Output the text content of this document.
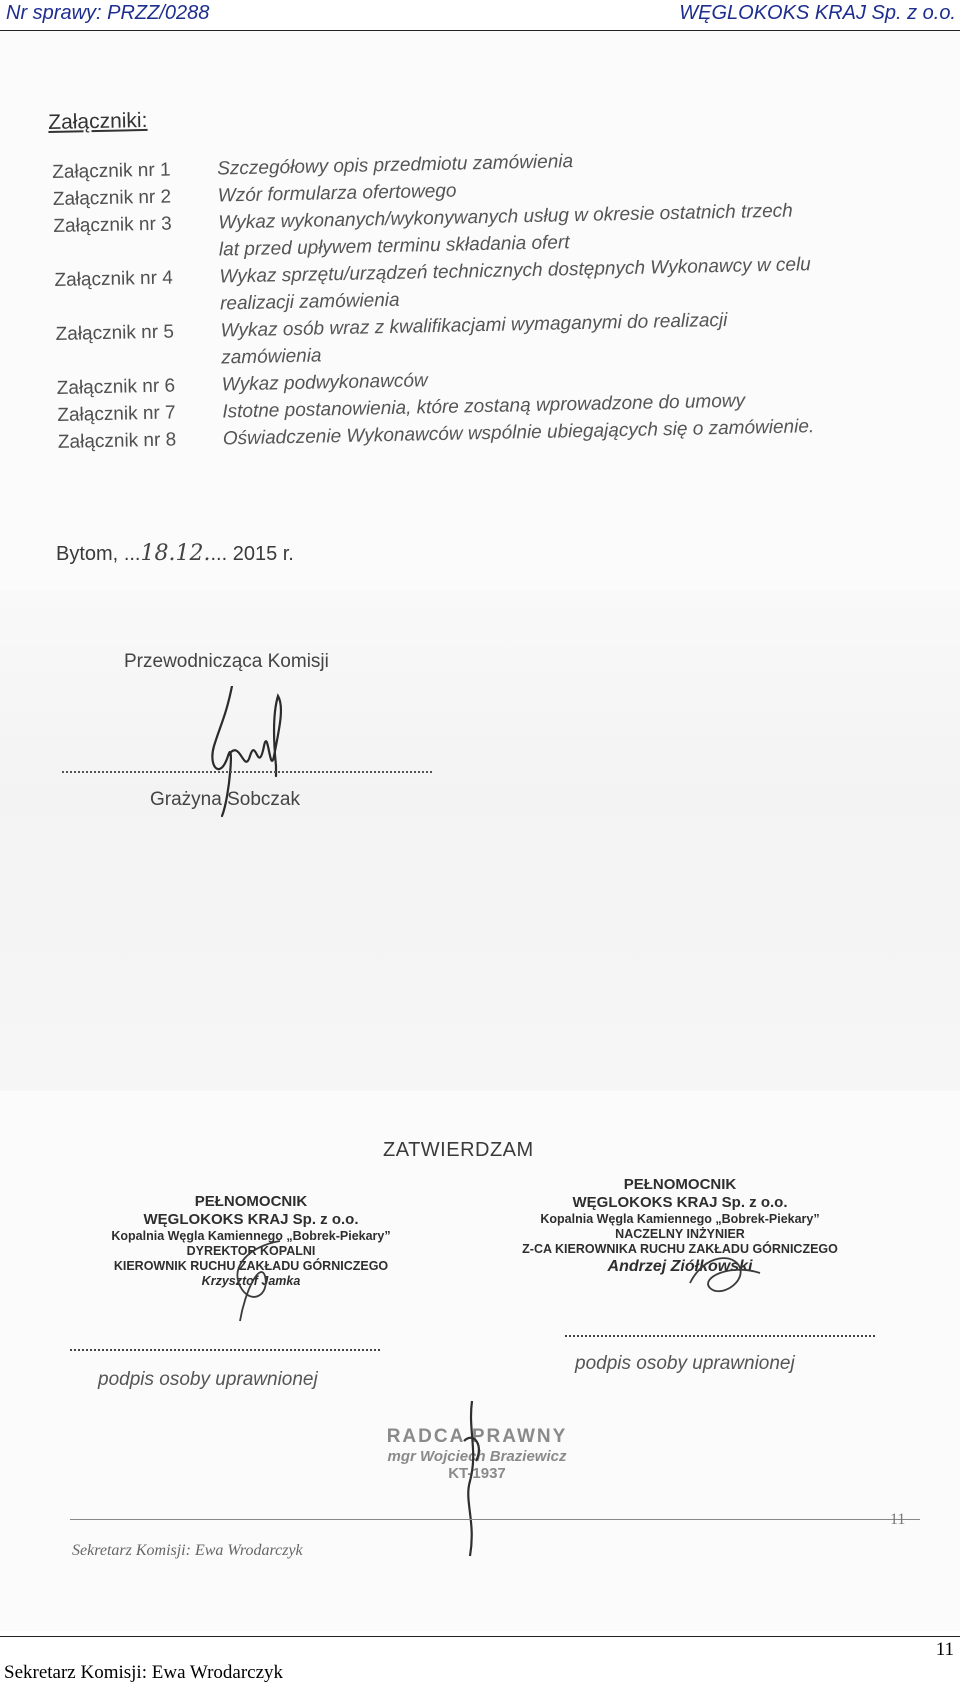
Nr sprawy: PRZZ/0288	WĘGLOKOKS KRAJ Sp. z o.o.
Załączniki:
Załącznik nr 1	Szczegółowy opis przedmiotu zamówienia
Załącznik nr 2	Wzór formularza ofertowego
Załącznik nr 3	Wykaz wykonanych/wykonywanych usług w okresie ostatnich trzech
lat przed upływem terminu składania ofert
Załącznik nr 4	Wykaz sprzętu/urządzeń technicznych dostępnych Wykonawcy w celu
realizacji zamówienia
Załącznik nr 5	Wykaz osób wraz z kwalifikacjami wymaganymi do realizacji
zamówienia
Załącznik nr 6	Wykaz podwykonawców
Załącznik nr 7	Istotne postanowienia, które zostaną wprowadzone do umowy
Załącznik nr 8	Oświadczenie Wykonawców wspólnie ubiegających się o zamówienie.
Bytom, ...18.12.... 2015 r.
Przewodnicząca Komisji
Grażyna Sobczak
ZATWIERDZAM
PEŁNOMOCNIK
WĘGLOKOKS KRAJ Sp. z o.o.
Kopalnia Węgla Kamiennego „Bobrek-Piekary”
DYREKTOR KOPALNI
KIEROWNIK RUCHU ZAKŁADU GÓRNICZEGO
Krzysztof Jamka
podpis osoby uprawnionej
PEŁNOMOCNIK
WĘGLOKOKS KRAJ Sp. z o.o.
Kopalnia Węgla Kamiennego „Bobrek-Piekary”
NACZELNY INŻYNIER
Z-CA KIEROWNIKA RUCHU ZAKŁADU GÓRNICZEGO
Andrzej Ziółkowski
podpis osoby uprawnionej
RADCA PRAWNY
mgr Wojciech Braziewicz
KT-1937
11
Sekretarz Komisji: Ewa Wrodarczyk
Sekretarz Komisji: Ewa Wrodarczyk
11
